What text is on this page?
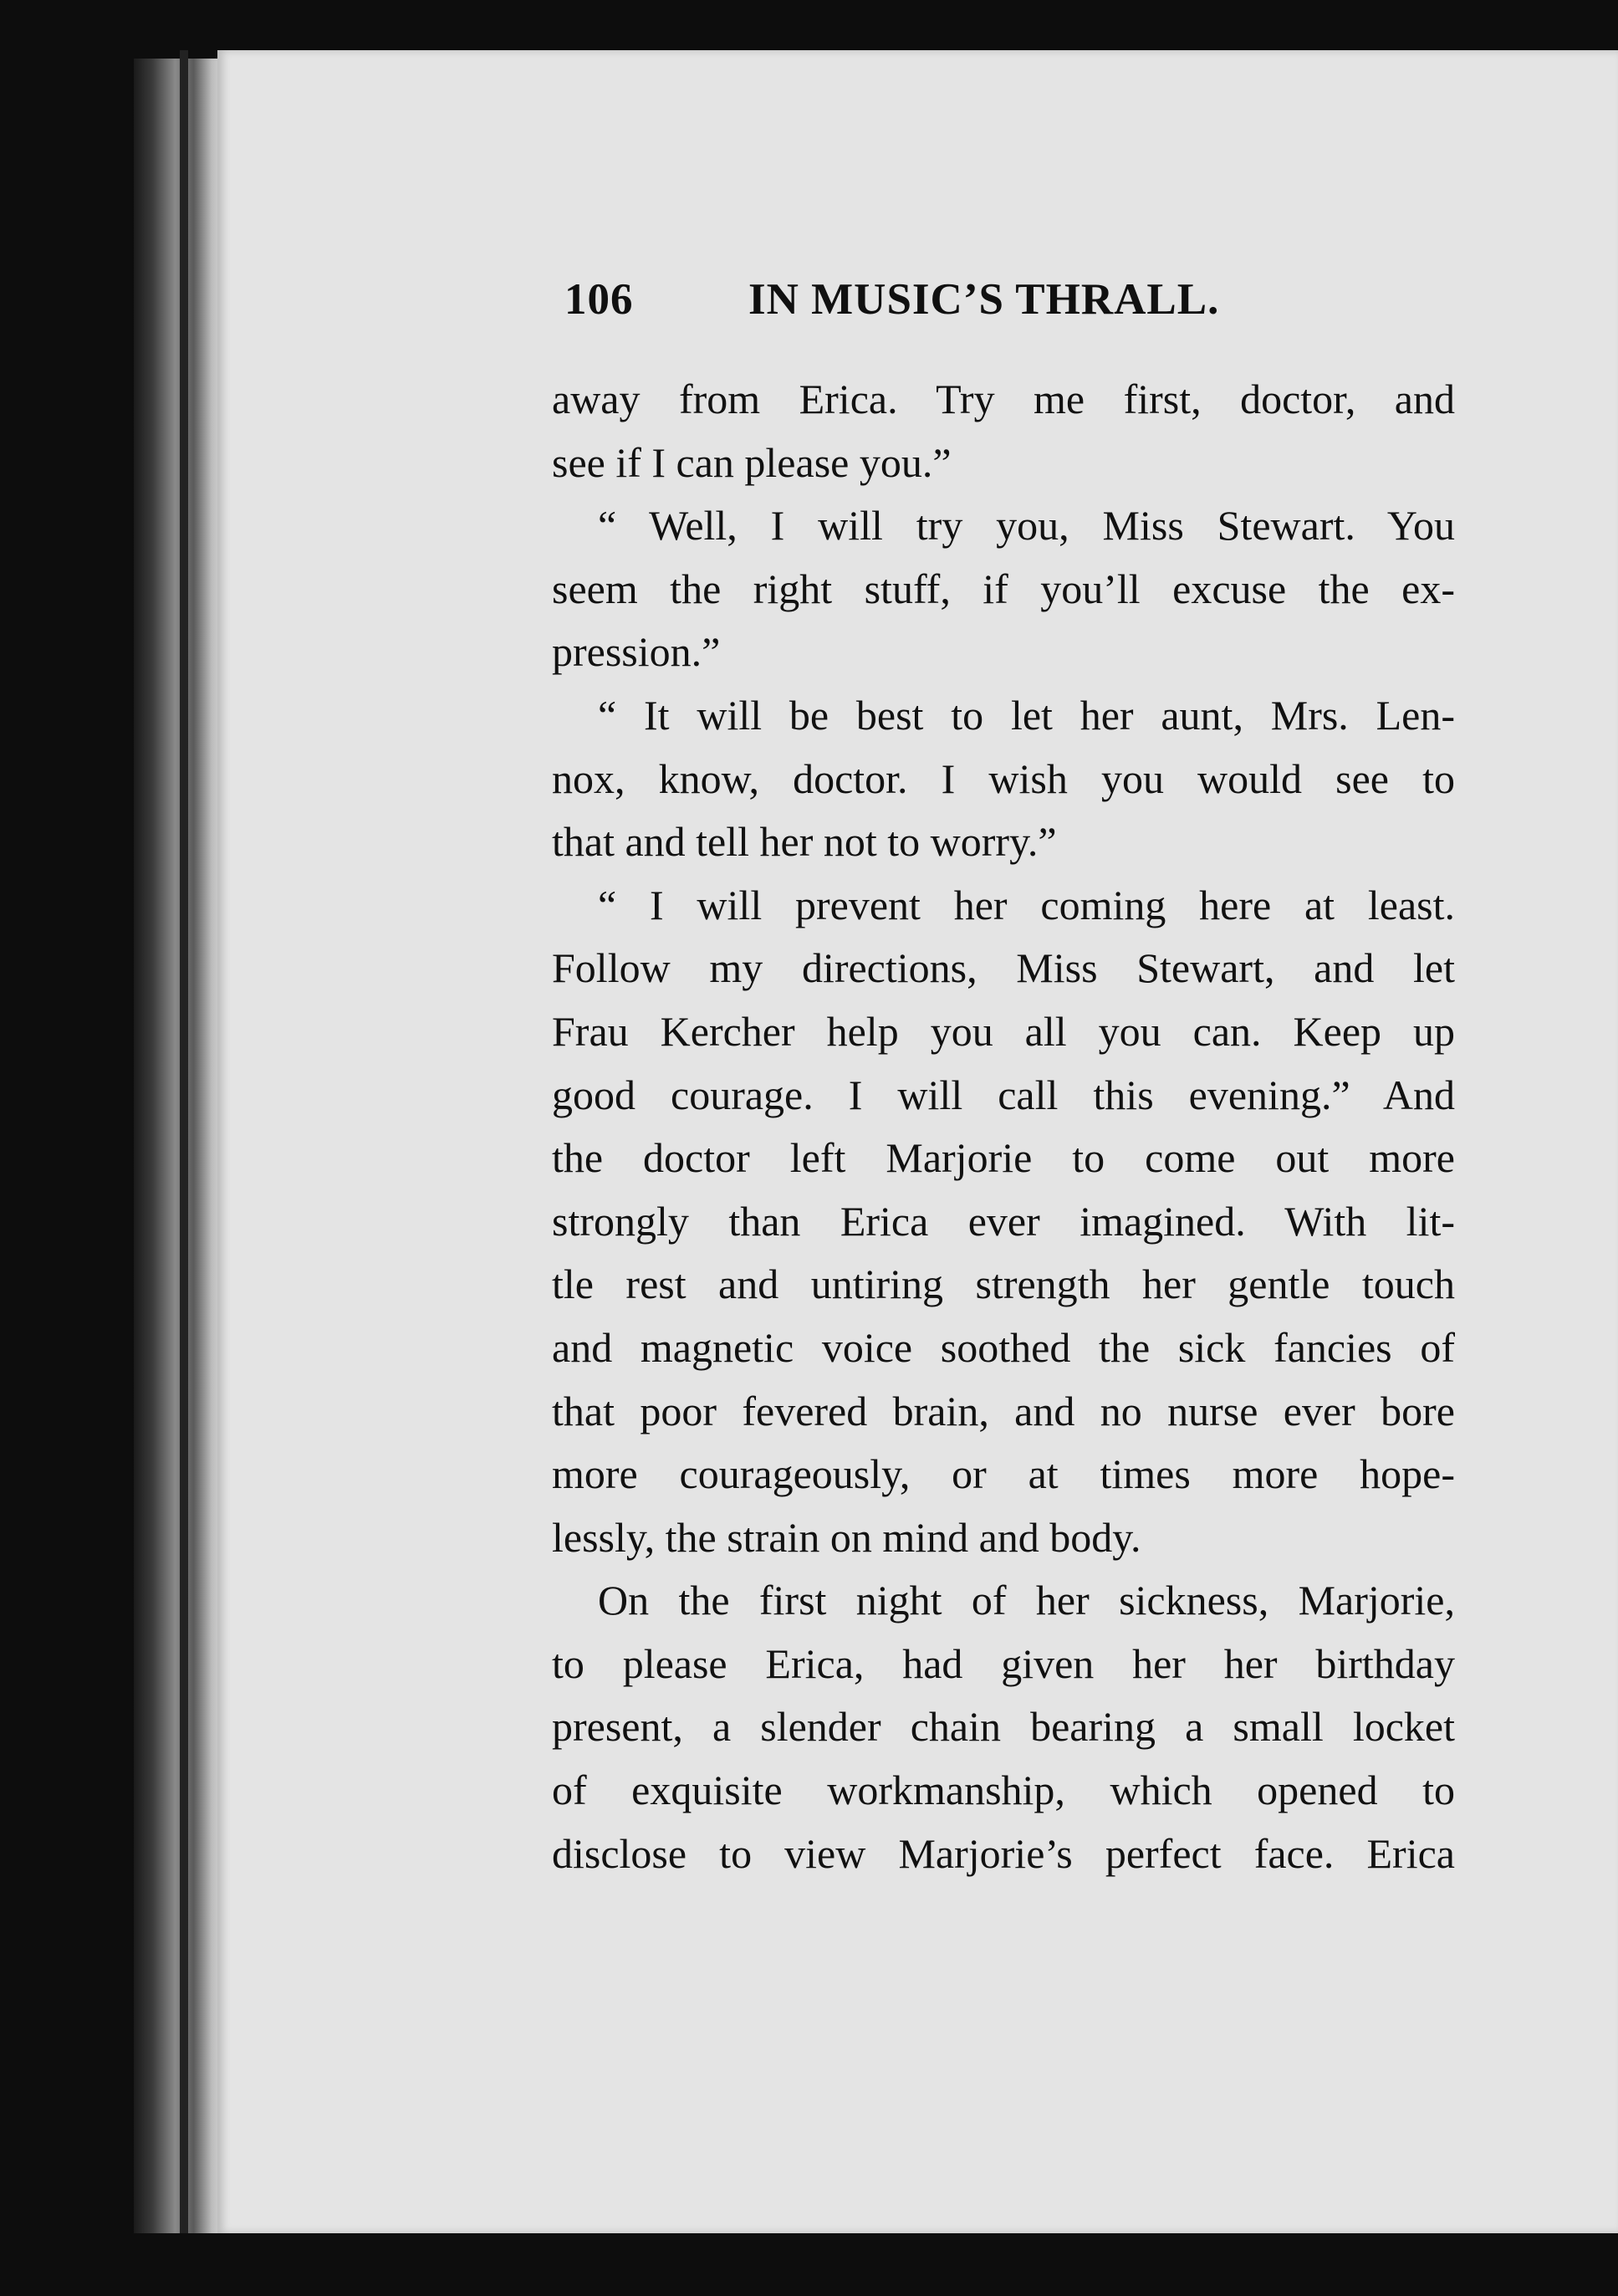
106	IN MUSIC’S THRALL.
away from Erica. Try me first, doctor, and
see if I can please you.”
“ Well, I will try you, Miss Stewart. You
seem the right stuff, if you’ll excuse the ex-
pression.”
“ It will be best to let her aunt, Mrs. Len-
nox, know, doctor. I wish you would see to
that and tell her not to worry.”
“ I will prevent her coming here at least.
Follow my directions, Miss Stewart, and let
Frau Kercher help you all you can. Keep up
good courage. I will call this evening.” And
the doctor left Marjorie to come out more
strongly than Erica ever imagined. With lit-
tle rest and untiring strength her gentle touch
and magnetic voice soothed the sick fancies of
that poor fevered brain, and no nurse ever bore
more courageously, or at times more hope-
lessly, the strain on mind and body.
On the first night of her sickness, Marjorie,
to please Erica, had given her her birthday
present, a slender chain bearing a small locket
of exquisite workmanship, which opened to
disclose to view Marjorie’s perfect face. Erica
